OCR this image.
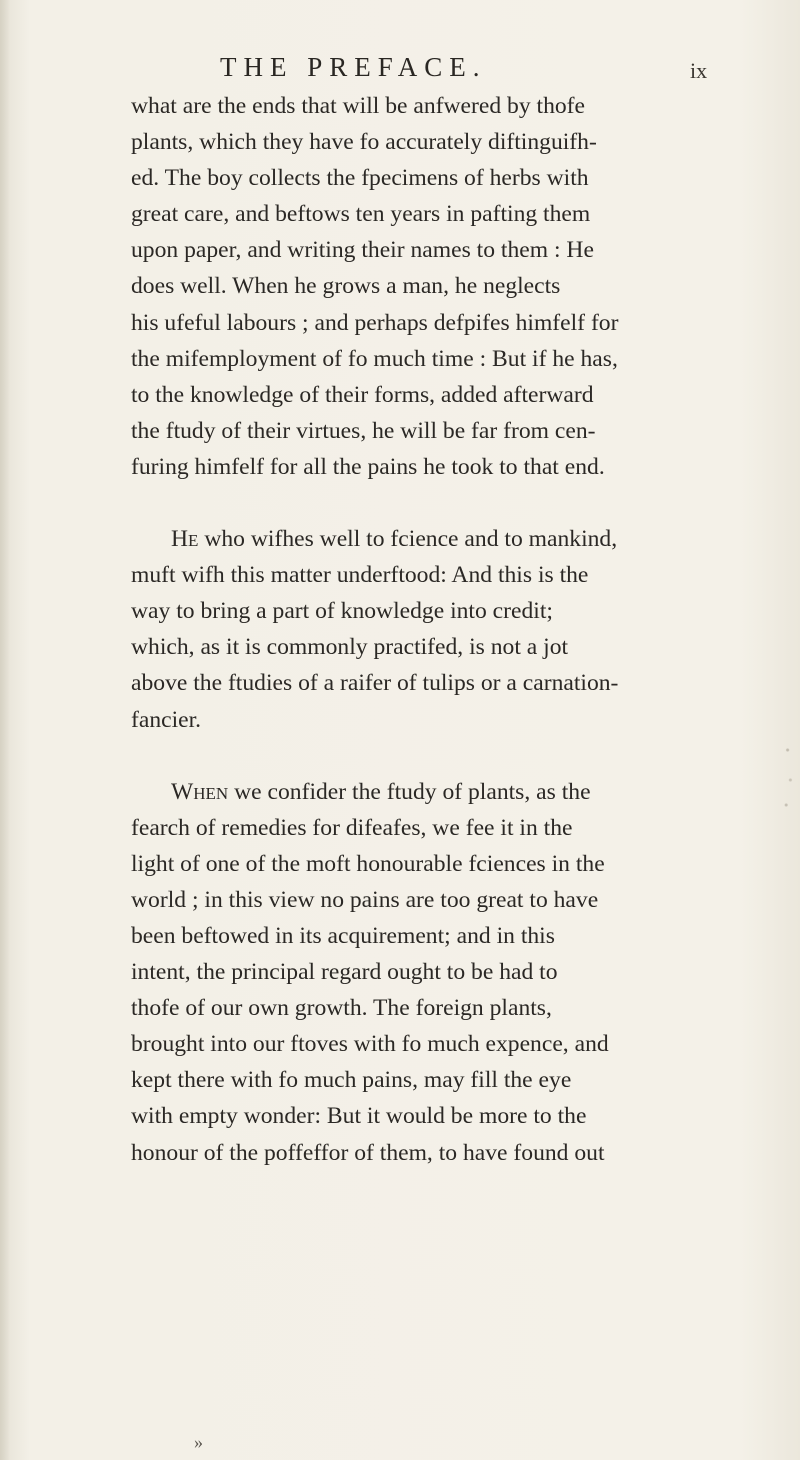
THE PREFACE.	ix

what are the ends that will be anfwered by thofe
plants, which they have fo accurately diftinguifh-
ed. The boy collects the fpecimens of herbs with
great care, and beftows ten years in pafting them
upon paper, and writing their names to them : He
does well. When he grows a man, he neglects
his ufeful labours ; and perhaps defpifes himfelf for
the mifemployment of fo much time : But if he has,
to the knowledge of their forms, added afterward
the ftudy of their virtues, he will be far from cen-
furing himfelf for all the pains he took to that end.

He who wifhes well to fcience and to mankind,
muft wifh this matter underftood: And this is the
way to bring a part of knowledge into credit;
which, as it is commonly practifed, is not a jot
above the ftudies of a raifer of tulips or a carnation-
fancier.

When we confider the ftudy of plants, as the
fearch of remedies for difeafes, we fee it in the
light of one of the moft honourable fciences in the
world ; in this view no pains are too great to have
been beftowed in its acquirement; and in this
intent, the principal regard ought to be had to
thofe of our own growth. The foreign plants,
brought into our ftoves with fo much expence, and
kept there with fo much pains, may fill the eye
with empty wonder: But it would be more to the
honour of the poffeffor of them, to have found out

»
